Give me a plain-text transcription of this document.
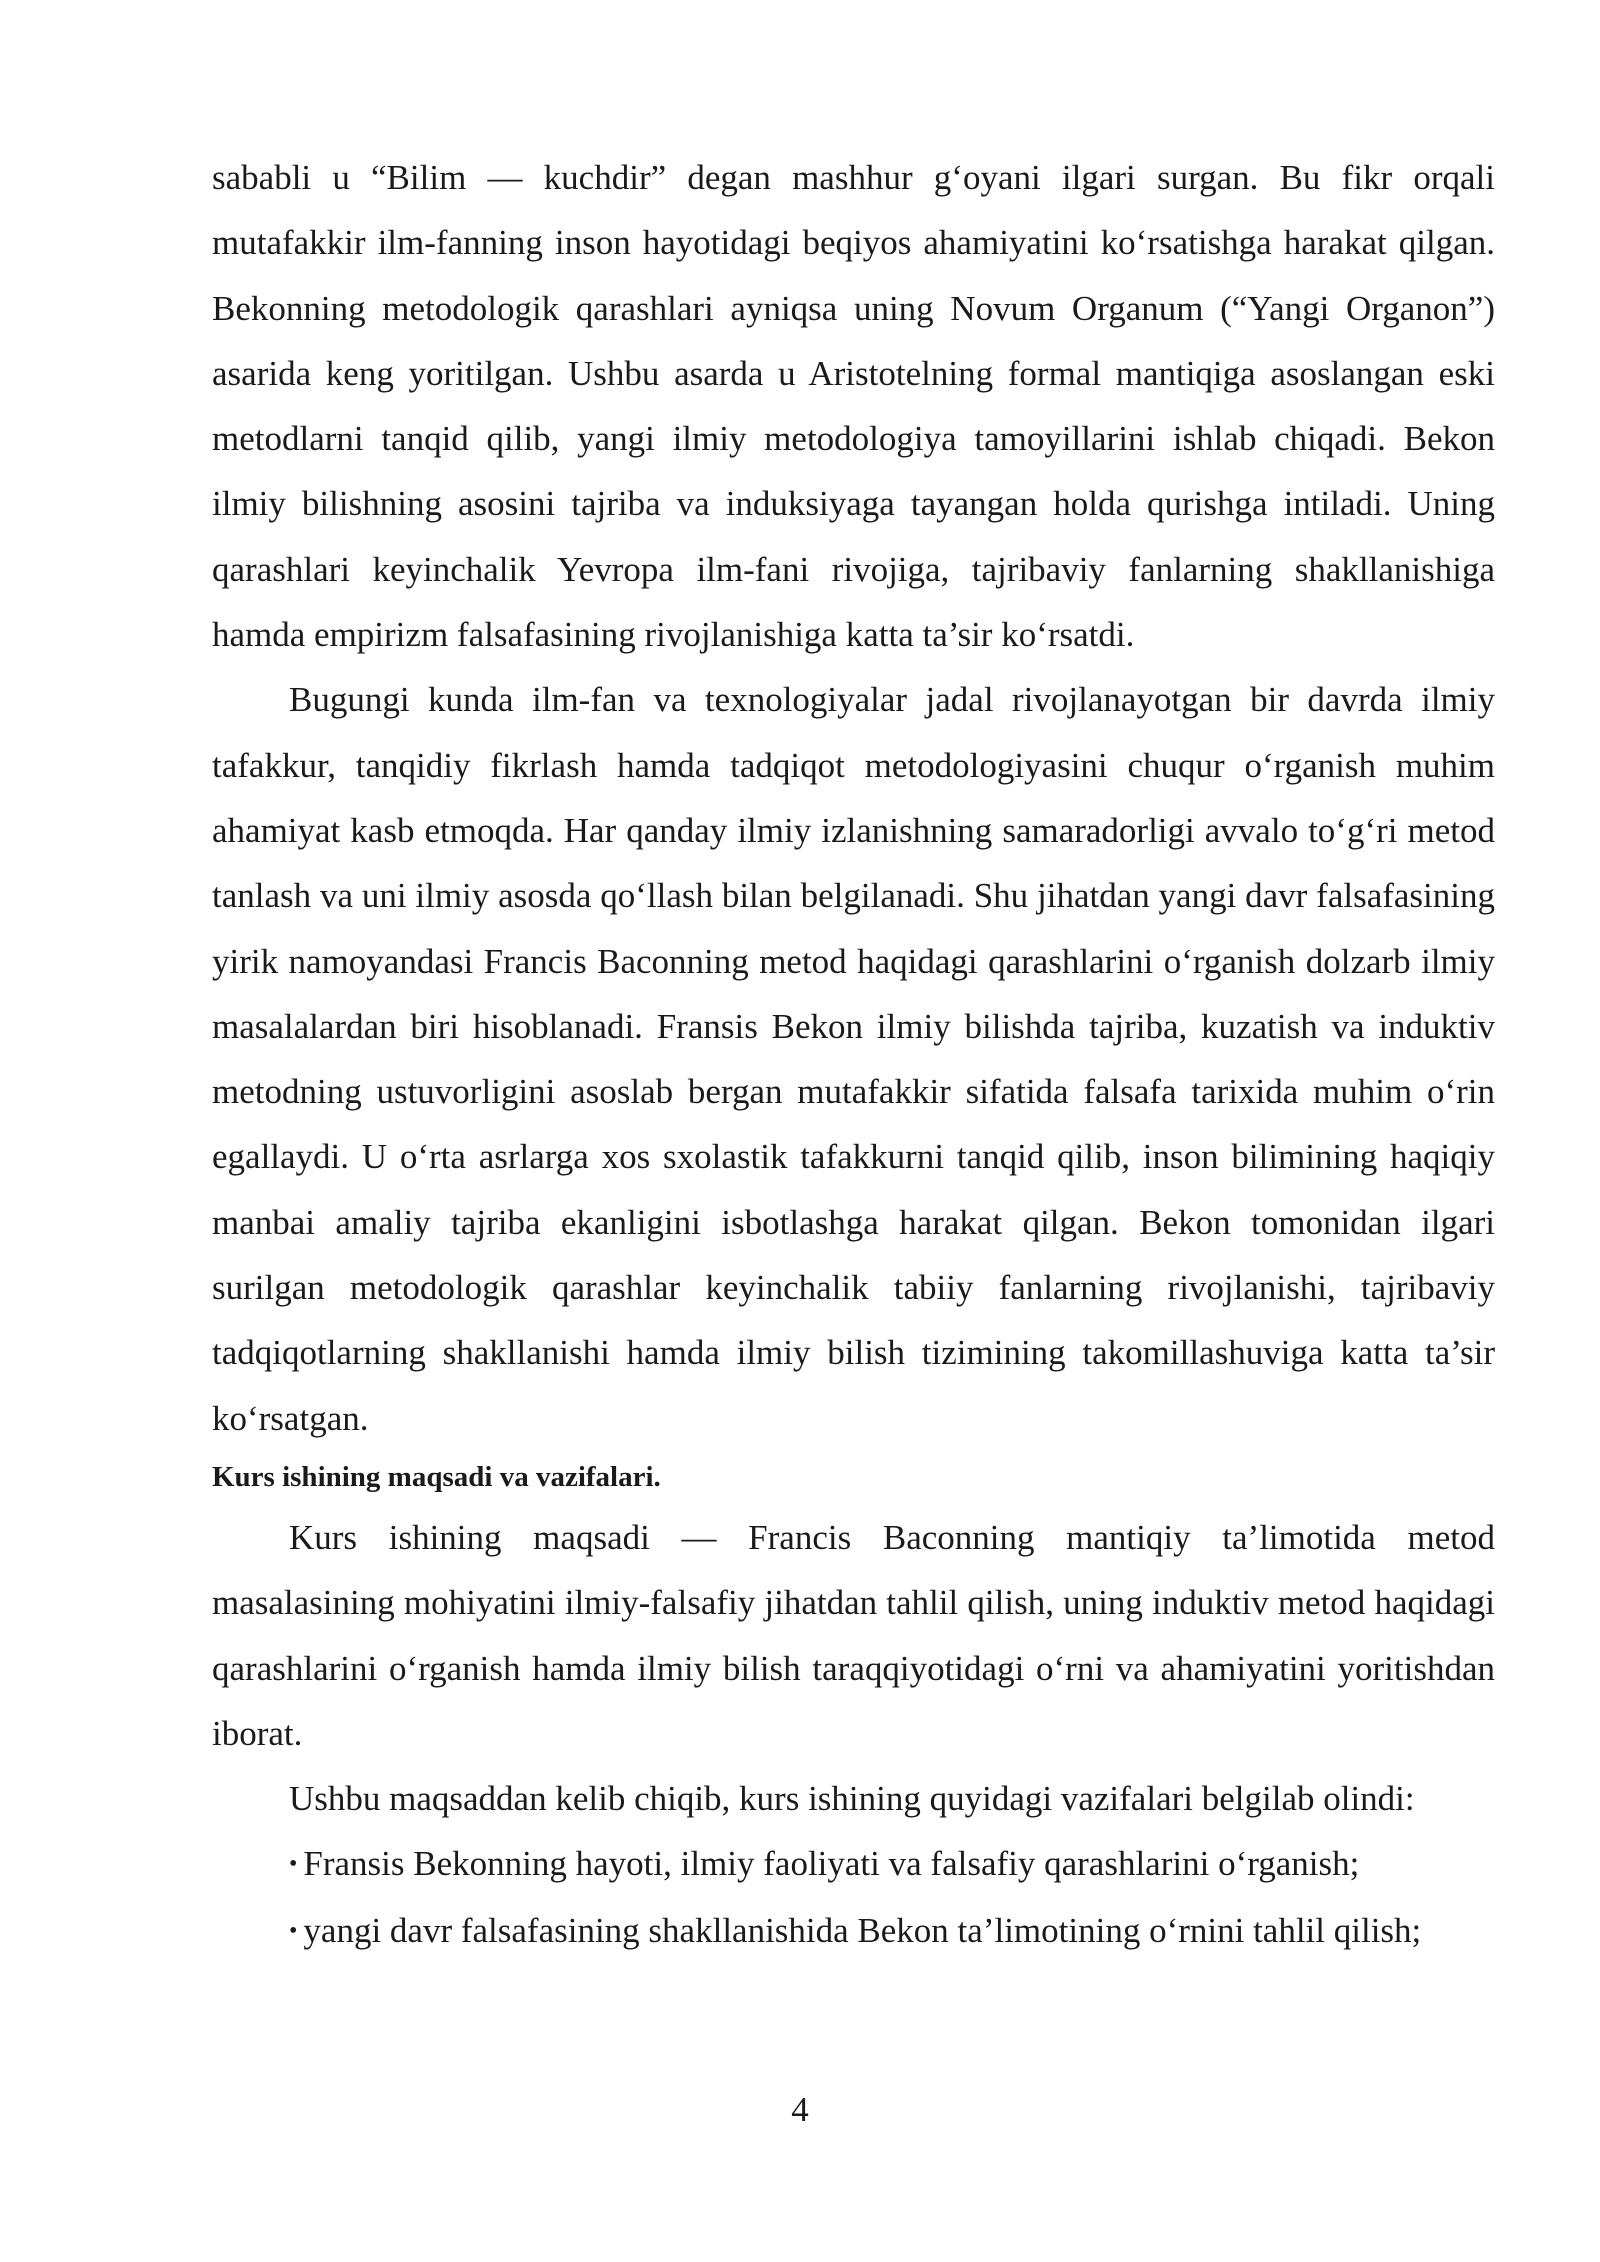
sababli u “Bilim — kuchdir” degan mashhur g‘oyani ilgari surgan. Bu fikr orqali mutafakkir ilm-fanning inson hayotidagi beqiyos ahamiyatini ko‘rsatishga harakat qilgan. Bekonning metodologik qarashlari ayniqsa uning Novum Organum (“Yangi Organon”) asarida keng yoritilgan. Ushbu asarda u Aristotelning formal mantiqiga asoslangan eski metodlarni tanqid qilib, yangi ilmiy metodologiya tamoyillarini ishlab chiqadi. Bekon ilmiy bilishning asosini tajriba va induksiyaga tayangan holda qurishga intiladi. Uning qarashlari keyinchalik Yevropa ilm-fani rivojiga, tajribaviy fanlarning shakllanishiga hamda empirizm falsafasining rivojlanishiga katta ta’sir ko‘rsatdi.

Bugungi kunda ilm-fan va texnologiyalar jadal rivojlanayotgan bir davrda ilmiy tafakkur, tanqidiy fikrlash hamda tadqiqot metodologiyasini chuqur o‘rganish muhim ahamiyat kasb etmoqda. Har qanday ilmiy izlanishning samaradorligi avvalo to‘g‘ri metod tanlash va uni ilmiy asosda qo‘llash bilan belgilanadi. Shu jihatdan yangi davr falsafasining yirik namoyandasi Francis Baconning metod haqidagi qarashlarini o‘rganish dolzarb ilmiy masalalardan biri hisoblanadi. Fransis Bekon ilmiy bilishda tajriba, kuzatish va induktiv metodning ustuvorligini asoslab bergan mutafakkir sifatida falsafa tarixida muhim o‘rin egallaydi. U o‘rta asrlarga xos sxolastik tafakkurni tanqid qilib, inson bilimining haqiqiy manbai amaliy tajriba ekanligini isbotlashga harakat qilgan. Bekon tomonidan ilgari surilgan metodologik qarashlar keyinchalik tabiiy fanlarning rivojlanishi, tajribaviy tadqiqotlarning shakllanishi hamda ilmiy bilish tizimining takomillashuviga katta ta’sir ko‘rsatgan.

Kurs ishining maqsadi va vazifalari.

Kurs ishining maqsadi — Francis Baconning mantiqiy ta’limotida metod masalasining mohiyatini ilmiy-falsafiy jihatdan tahlil qilish, uning induktiv metod haqidagi qarashlarini o‘rganish hamda ilmiy bilish taraqqiyotidagi o‘rni va ahamiyatini yoritishdan iborat.

Ushbu maqsaddan kelib chiqib, kurs ishining quyidagi vazifalari belgilab olindi:

• Fransis Bekonning hayoti, ilmiy faoliyati va falsafiy qarashlarini o‘rganish;

• yangi davr falsafasining shakllanishida Bekon ta’limotining o‘rnini tahlil qilish;

4
